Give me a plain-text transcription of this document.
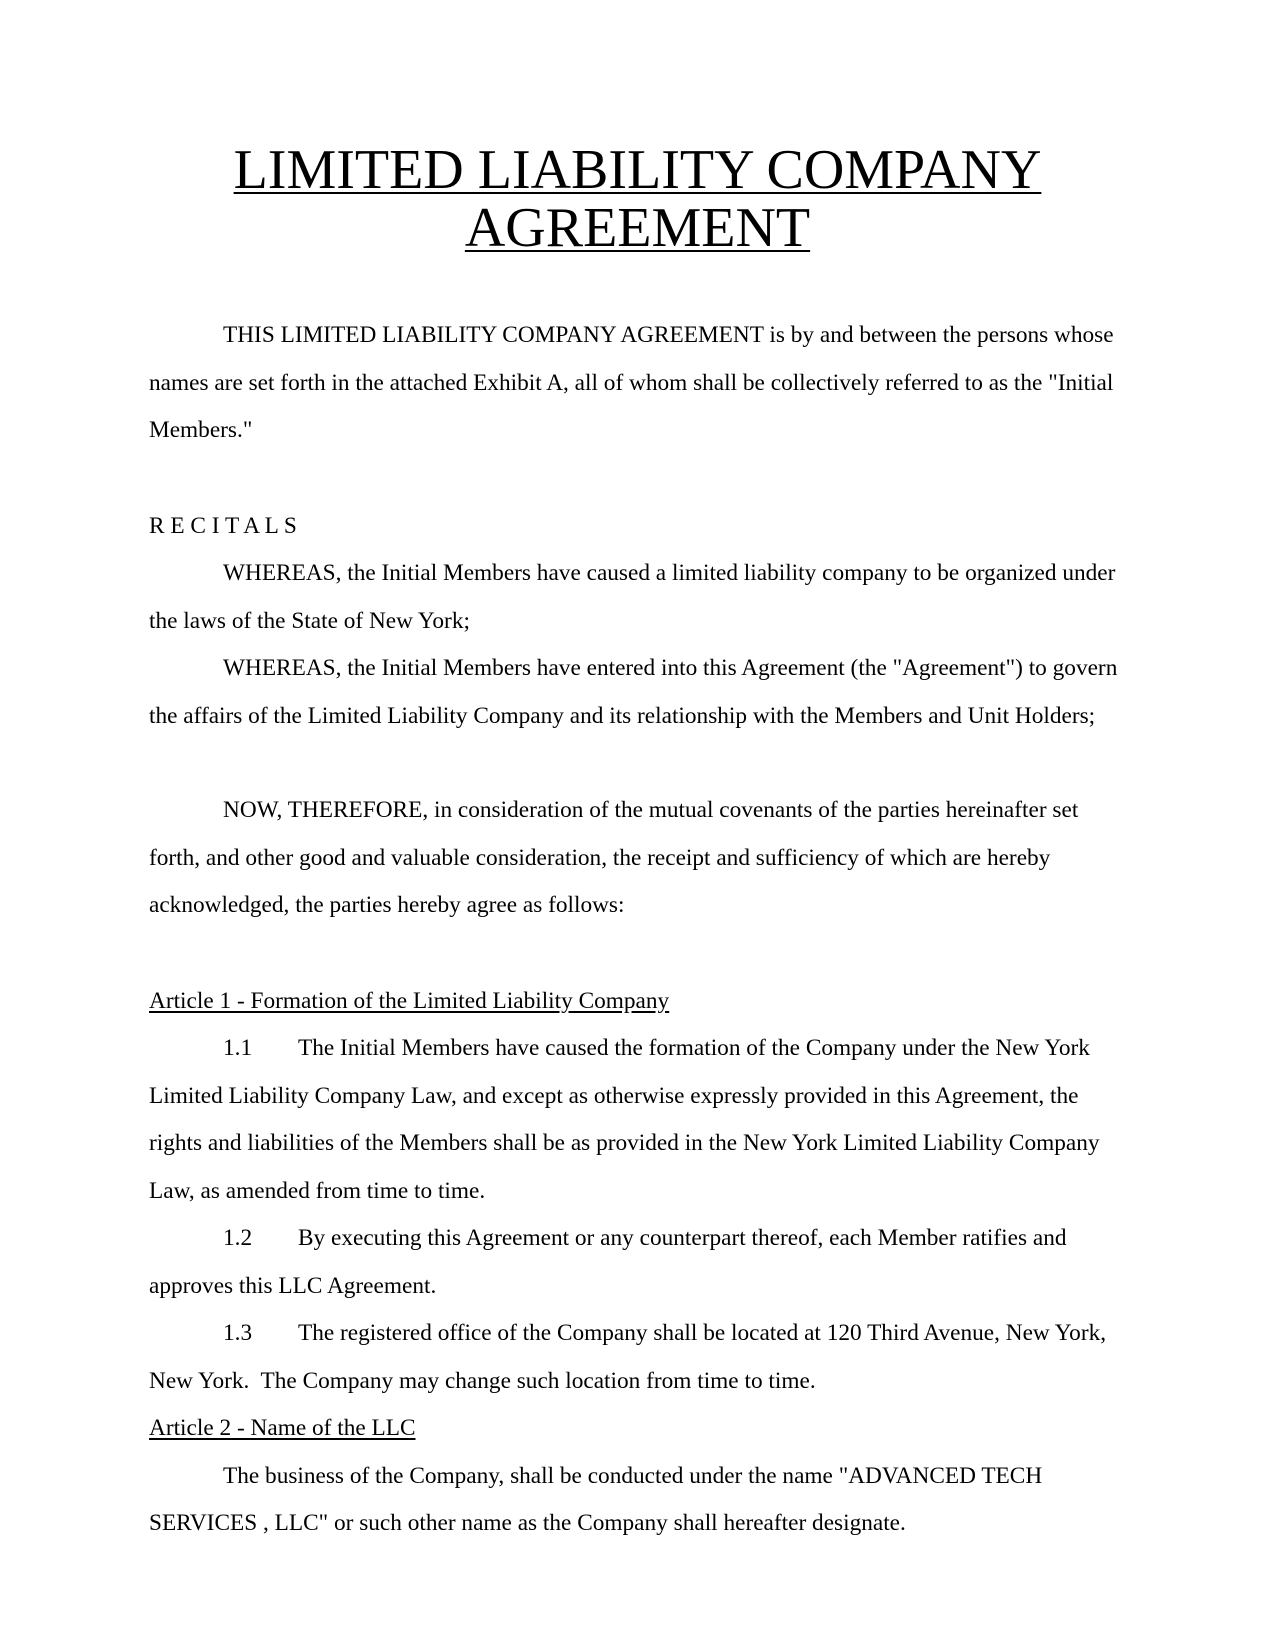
LIMITED LIABILITY COMPANY
AGREEMENT

THIS LIMITED LIABILITY COMPANY AGREEMENT is by and between the persons whose

names are set forth in the attached Exhibit A, all of whom shall be collectively referred to as the "Initial

Members."

R E C I T A L S

WHEREAS, the Initial Members have caused a limited liability company to be organized under

the laws of the State of New York;

WHEREAS, the Initial Members have entered into this Agreement (the "Agreement") to govern

the affairs of the Limited Liability Company and its relationship with the Members and Unit Holders;

NOW, THEREFORE, in consideration of the mutual covenants of the parties hereinafter set

forth, and other good and valuable consideration, the receipt and sufficiency of which are hereby

acknowledged, the parties hereby agree as follows:

Article 1 - Formation of the Limited Liability Company

1.1 The Initial Members have caused the formation of the Company under the New York

Limited Liability Company Law, and except as otherwise expressly provided in this Agreement, the

rights and liabilities of the Members shall be as provided in the New York Limited Liability Company

Law, as amended from time to time.

1.2 By executing this Agreement or any counterpart thereof, each Member ratifies and

approves this LLC Agreement.

1.3 The registered office of the Company shall be located at 120 Third Avenue, New York,

New York.  The Company may change such location from time to time.

Article 2 - Name of the LLC

The business of the Company, shall be conducted under the name "ADVANCED TECH

SERVICES , LLC" or such other name as the Company shall hereafter designate.
